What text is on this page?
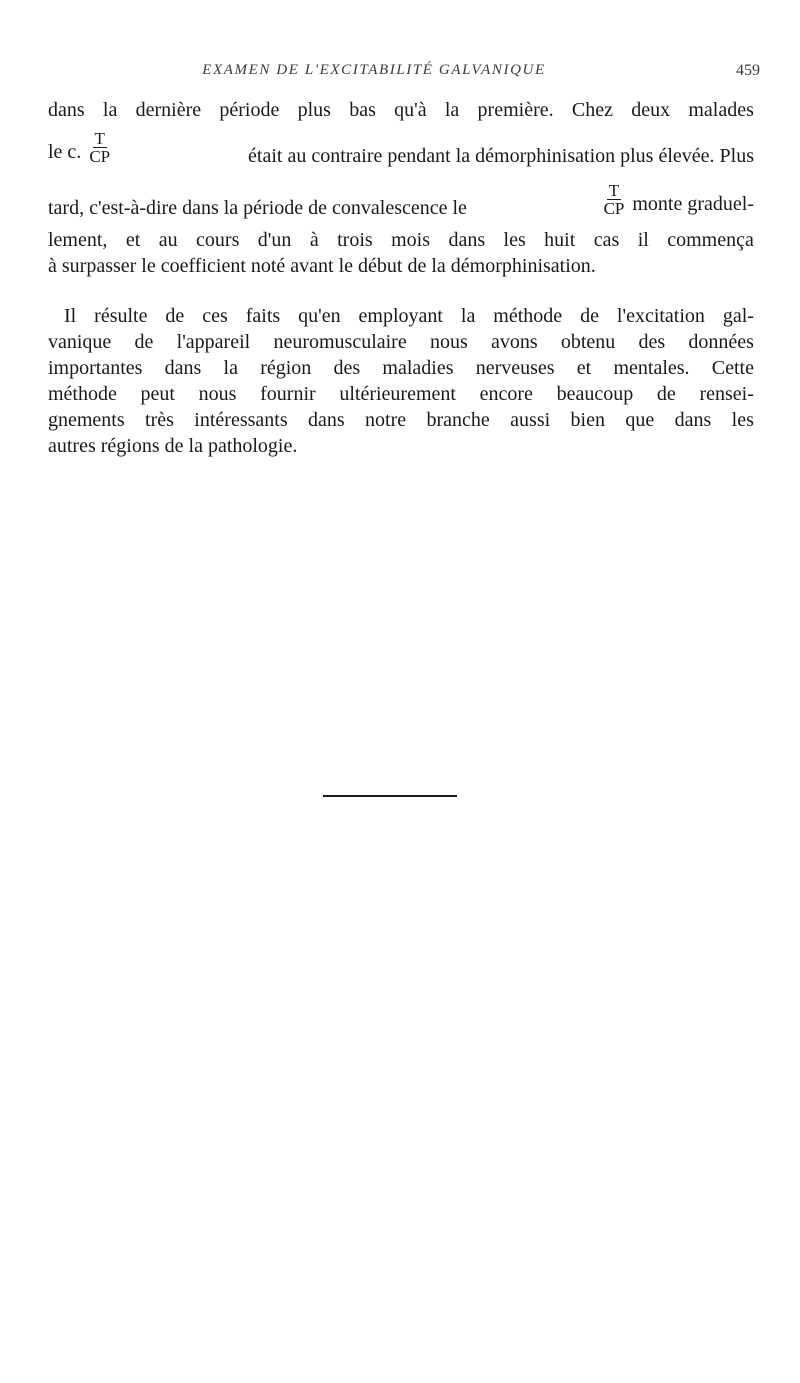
EXAMEN DE L'EXCITABILITÉ GALVANIQUE	459
dans la dernière période plus bas qu'à la première. Chez deux malades
le c. $\frac{T}{CP}$	était au contraire pendant la démorphinisation plus élevée. Plus
tard, c'est-à-dire dans la période de convalescence le	$\frac{T}{CP}$ monte graduel-
lement, et au cours d'un à trois mois dans les huit cas il commença
à surpasser le coefficient noté avant le début de la démorphinisation.
Il résulte de ces faits qu'en employant la méthode de l'excitation gal-
vanique de l'appareil neuromusculaire nous avons obtenu des données
importantes dans la région des maladies nerveuses et mentales. Cette
méthode peut nous fournir ultérieurement encore beaucoup de rensei-
gnements très intéressants dans notre branche aussi bien que dans les
autres régions de la pathologie.
